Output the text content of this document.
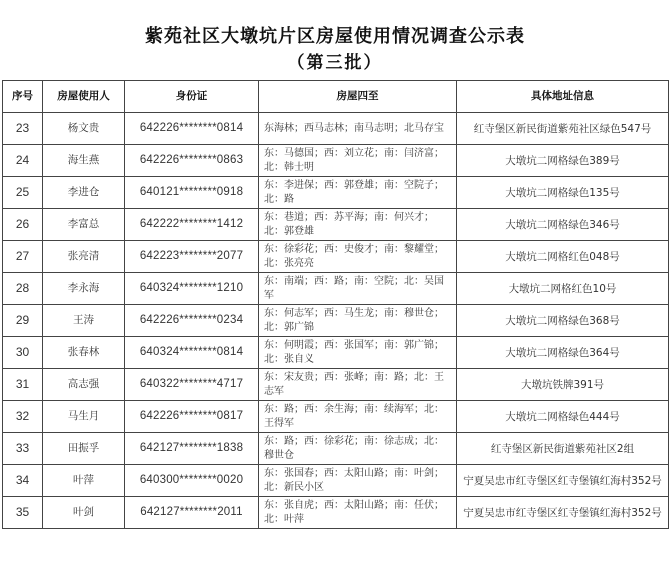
紫苑社区大墩坑片区房屋使用情况调查公示表
（第三批）
序号	房屋使用人	身份证	房屋四至	具体地址信息
23	杨文贵	642226********0814	东海林；西马志林；南马志明；北马存宝	红寺堡区新民街道紫苑社区绿色547号
24	海生燕	642226********0863	东：马德国；西：刘立花；南：闫济富；北：韩士明	大墩坑二网格绿色389号
25	李进仓	640121********0918	东：李进保；西：郭登雄；南：空院子；北：路	大墩坑二网格绿色135号
26	李富总	642222********1412	东：巷道；西：苏平海；南：何兴才；北：郭登雄	大墩坑二网格绿色346号
27	张亮清	642223********2077	东：徐彩花；西：史俊才；南：黎耀堂；北：张亮亮	大墩坑二网格红色048号
28	李永海	640324********1210	东：南端；西：路；南：空院；北：吴国军	大墩坑二网格红色10号
29	王涛	642226********0234	东：何志军；西：马生龙；南：穆世仓；北：郭广锦	大墩坑二网格绿色368号
30	张春林	640324********0814	东：何明霞；西：张国军；南：郭广锦；北：张自义	大墩坑二网格绿色364号
31	高志强	640322********4717	东：宋友贵；西：张峰；南：路；北：王志军	大墩坑铁牌391号
32	马生月	642226********0817	东：路；西：余生海；南：续海军；北：王得军	大墩坑二网格绿色444号
33	田振孚	642127********1838	东：路；西：徐彩花；南：徐志成；北：穆世仓	红寺堡区新民街道紫苑社区2组
34	叶萍	640300********0020	东：张国春；西：太阳山路；南：叶剑；北：新民小区	宁夏吴忠市红寺堡区红寺堡镇红海村352号
35	叶剑	642127********2011	东：张自虎；西：太阳山路；南：任伏；北：叶萍	宁夏吴忠市红寺堡区红寺堡镇红海村352号
